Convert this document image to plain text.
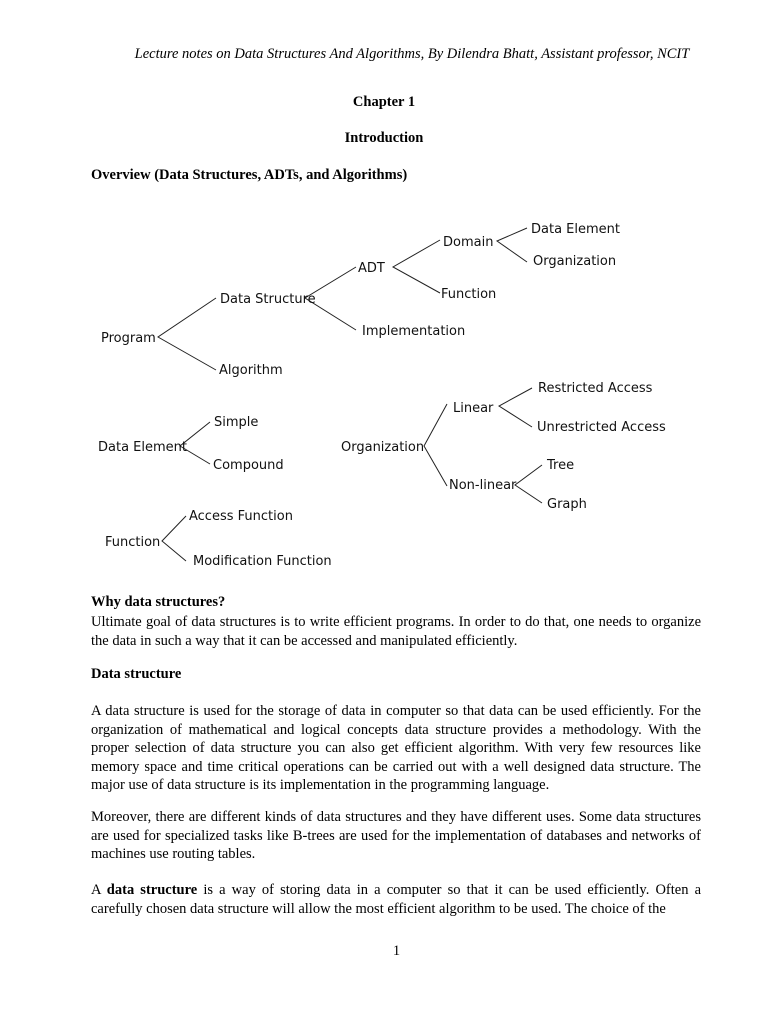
Lecture notes on Data Structures And Algorithms, By Dilendra Bhatt, Assistant professor, NCIT
Chapter 1
Introduction
Overview (Data Structures, ADTs, and Algorithms)
Program
Data Structure
Algorithm
ADT
Implementation
Domain
Function
Data Element
Organization
Data Element
Simple
Compound
Organization
Linear
Non-linear
Restricted Access
Unrestricted Access
Tree
Graph
Function
Access Function
Modification Function
Why data structures?

Ultimate goal of data structures is to write efficient programs. In order to do that, one needs to organize the data in such a way that it can be accessed and manipulated efficiently.

Data structure

A data structure is used for the storage of data in computer so that data can be used efficiently. For the organization of mathematical and logical concepts data structure provides a methodology. With the proper selection of data structure you can also get efficient algorithm. With very few resources like memory space and time critical operations can be carried out with a well designed data structure. The major use of data structure is its implementation in the programming language.

Moreover, there are different kinds of data structures and they have different uses. Some data structures are used for specialized tasks like B-trees are used for the implementation of databases and networks of machines use routing tables.

A data structure is a way of storing data in a computer so that it can be used efficiently. Often a carefully chosen data structure will allow the most efficient algorithm to be used. The choice of the

1
